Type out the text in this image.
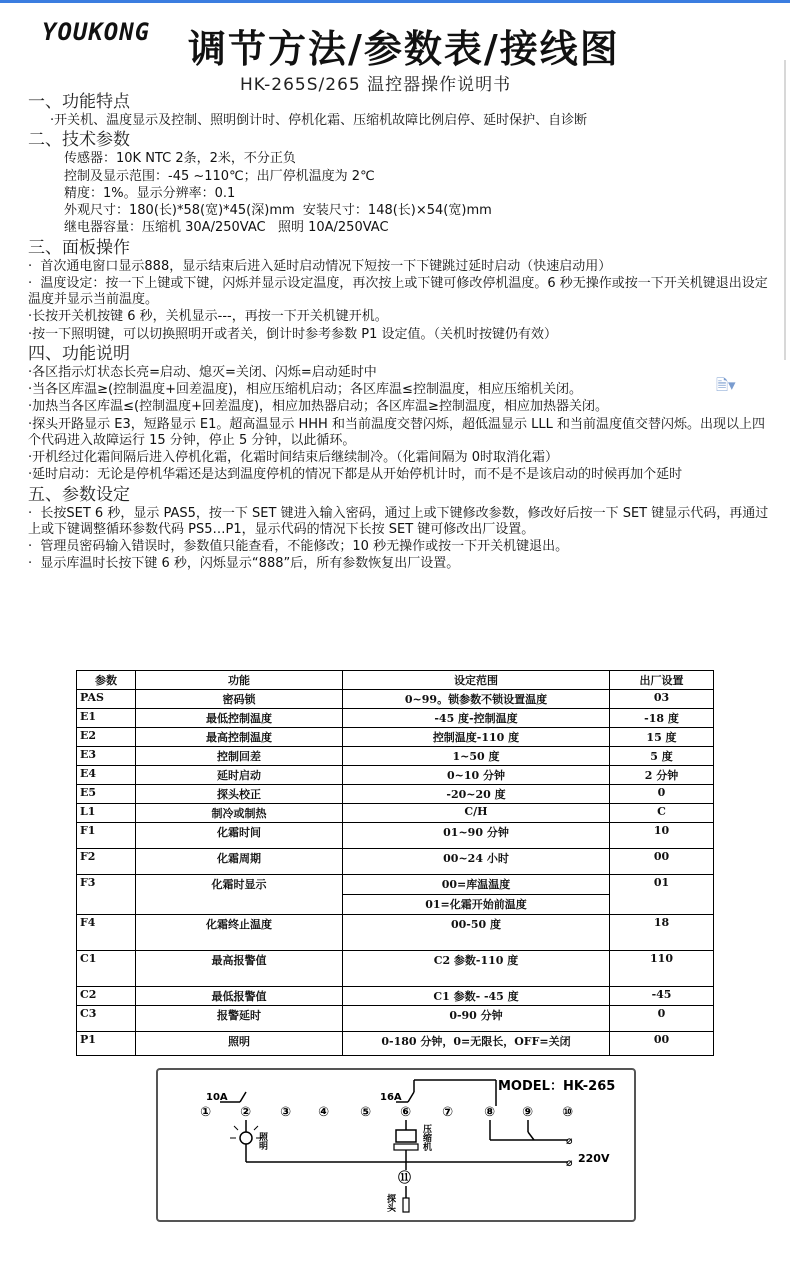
YOUKONG 调节方法/参数表/接线图
HK-265S/265 温控器操作说明书
一、功能特点
·开关机、温度显示及控制、照明倒计时、停机化霜、压缩机故障比例启停、延时保护、自诊断
二、技术参数
传感器：10K NTC 2条，2米，不分正负
控制及显示范围：-45 ~110℃；出厂停机温度为 2℃
精度：1%。显示分辨率：0.1
外观尺寸：180(长)*58(宽)*45(深)mm  安装尺寸：148(长)×54(宽)mm
继电器容量：压缩机 30A/250VAC   照明 10A/250VAC
三、面板操作
·  首次通电窗口显示888，显示结束后进入延时启动情况下短按一下下键跳过延时启动（快速启动用）
·  温度设定：按一下上键或下键，闪烁并显示设定温度，再次按上或下键可修改停机温度。6 秒无操作或按一下开关机键退出设定温度并显示当前温度。
·长按开关机按键 6 秒，关机显示---，再按一下开关机键开机。
·按一下照明键，可以切换照明开或者关，倒计时参考参数 P1 设定值。（关机时按键仍有效）
四、功能说明
·各区指示灯状态长亮=启动、熄灭=关闭、闪烁=启动延时中
·当各区库温≥(控制温度+回差温度)，相应压缩机启动；各区库温≤控制温度，相应压缩机关闭。
·加热当各区库温≤(控制温度+回差温度)，相应加热器启动；各区库温≥控制温度，相应加热器关闭。
·探头开路显示 E3，短路显示 E1。超高温显示 HHH 和当前温度交替闪烁，超低温显示 LLL 和当前温度值交替闪烁。出现以上四个代码进入故障运行 15 分钟，停止 5 分钟，以此循环。
·开机经过化霜间隔后进入停机化霜，化霜时间结束后继续制冷。（化霜间隔为 0时取消化霜）
·延时启动：无论是停机华霜还是达到温度停机的情况下都是从开始停机计时，而不是不是该启动的时候再加个延时
五、参数设定
·  长按SET 6 秒，显示 PAS5，按一下 SET 键进入输入密码，通过上或下键修改参数，修改好后按一下 SET 键显示代码，再通过上或下键调整循环参数代码 PS5…P1，显示代码的情况下长按 SET 键可修改出厂设置。
·  管理员密码输入错误时，参数值只能查看，不能修改；10 秒无操作或按一下开关机键退出。
·  显示库温时长按下键 6 秒，闪烁显示“888”后，所有参数恢复出厂设置。
🗎▾
参数	功能	设定范围	出厂设置
PAS	密码锁	0~99。锁参数不锁设置温度	03
E1	最低控制温度	-45 度-控制温度	-18 度
E2	最高控制温度	控制温度-110 度	15 度
E3	控制回差	1~50 度	5 度
E4	延时启动	0~10 分钟	2 分钟
E5	探头校正	-20~20 度	0
L1	制冷或制热	C/H	C
F1	化霜时间	01~90 分钟	10
F2	化霜周期	00~24 小时	00
F3	化霜时显示	00=库温温度	01
		01=化霜开始前温度	
F4	化霜终止温度	00-50 度	18
C1	最高报警值	C2 参数-110 度	110
C2	最低报警值	C1 参数- -45 度	-45
C3	报警延时	0-90 分钟	0
P1	照明	0-180 分钟，0=无限长，OFF=关闭	00
MODEL：HK-265
10A	16A
① ② ③ ④ ⑤ ⑥ ⑦ ⑧ ⑨ ⑩
照明	压缩机	⌀
⌀ 220V
⑪
探头
